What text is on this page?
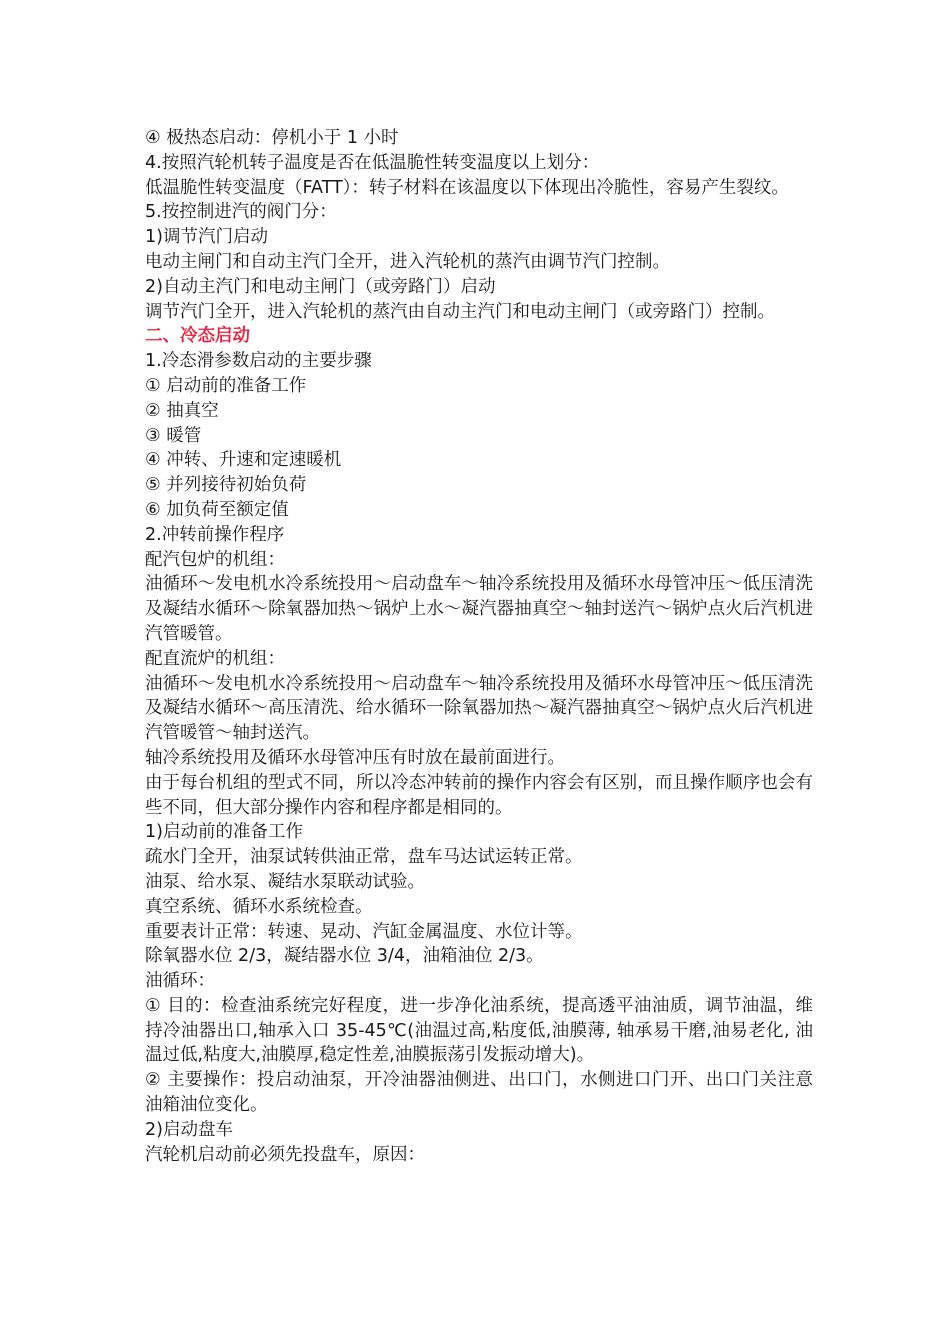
④ 极热态启动：停机小于 1 小时

4.按照汽轮机转子温度是否在低温脆性转变温度以上划分：

低温脆性转变温度（FATT）：转子材料在该温度以下体现出冷脆性，容易产生裂纹。

5.按控制进汽的阀门分：

1)调节汽门启动

电动主闸门和自动主汽门全开，进入汽轮机的蒸汽由调节汽门控制。

2)自动主汽门和电动主闸门（或旁路门）启动

调节汽门全开，进入汽轮机的蒸汽由自动主汽门和电动主闸门（或旁路门）控制。

二、冷态启动

1.冷态滑参数启动的主要步骤

① 启动前的准备工作

② 抽真空

③ 暖管

④ 冲转、升速和定速暖机

⑤ 并列接待初始负荷

⑥ 加负荷至额定值

2.冲转前操作程序

配汽包炉的机组：

油循环～发电机水冷系统投用～启动盘车～轴冷系统投用及循环水母管冲压～低压清洗及凝结水循环～除氧器加热～锅炉上水～凝汽器抽真空～轴封送汽～锅炉点火后汽机进汽管暖管。

配直流炉的机组：

油循环～发电机水冷系统投用～启动盘车～轴冷系统投用及循环水母管冲压～低压清洗及凝结水循环～高压清洗、给水循环一除氧器加热～凝汽器抽真空～锅炉点火后汽机进汽管暖管～轴封送汽。

轴冷系统投用及循环水母管冲压有时放在最前面进行。

由于每台机组的型式不同，所以冷态冲转前的操作内容会有区别，而且操作顺序也会有些不同，但大部分操作内容和程序都是相同的。

1)启动前的准备工作

疏水门全开，油泵试转供油正常，盘车马达试运转正常。

油泵、给水泵、凝结水泵联动试验。

真空系统、循环水系统检查。

重要表计正常：转速、晃动、汽缸金属温度、水位计等。

除氧器水位 2/3，凝结器水位 3/4，油箱油位 2/3。

油循环：

① 目的：检查油系统完好程度，进一步净化油系统，提高透平油油质，调节油温，维持冷油器出口,轴承入口 35-45℃(油温过高,粘度低,油膜薄, 轴承易干磨,油易老化, 油温过低,粘度大,油膜厚,稳定性差,油膜振荡引发振动增大)。

② 主要操作：投启动油泵，开冷油器油侧进、出口门，水侧进口门开、出口门关注意油箱油位变化。

2)启动盘车

汽轮机启动前必须先投盘车，原因：
